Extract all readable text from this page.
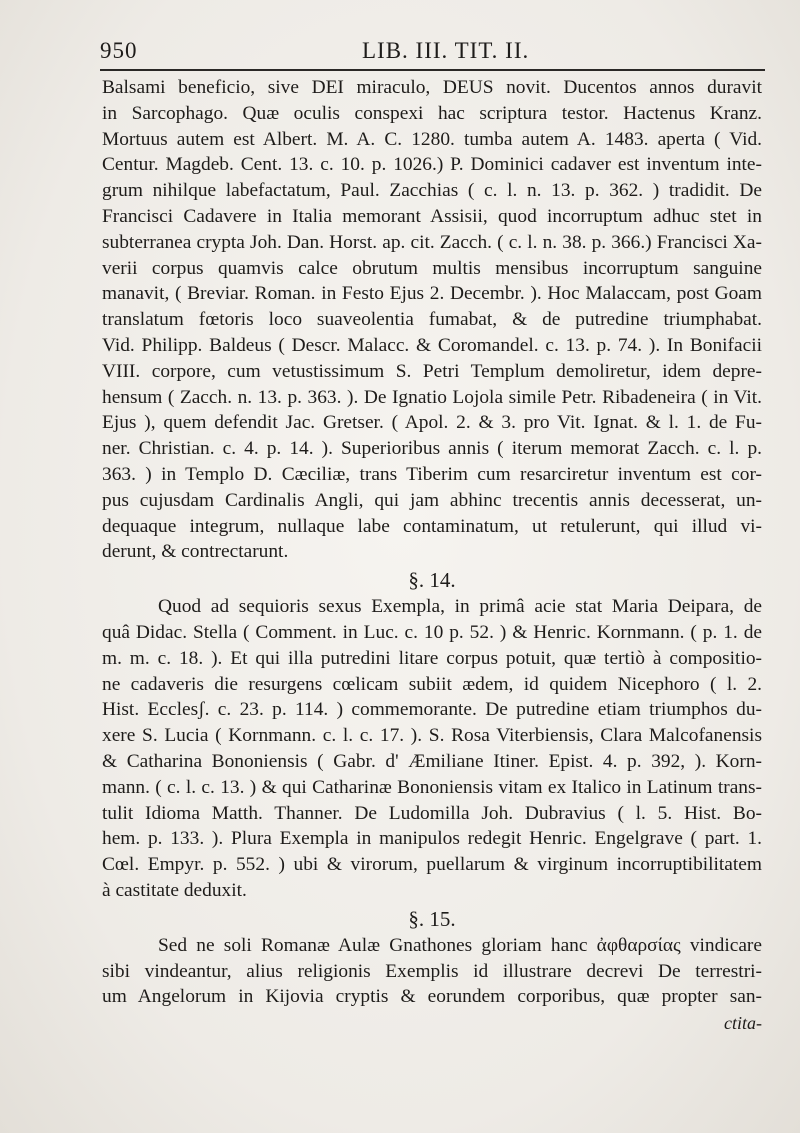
950	LIB. III. TIT. II.
Balsami beneficio, sive DEI miraculo, DEUS novit. Ducentos annos duravit
in Sarcophago. Quæ oculis conspexi hac scriptura testor. Hactenus Kranz.
Mortuus autem est Albert. M. A. C. 1280. tumba autem A. 1483. aperta ( Vid.
Centur. Magdeb. Cent. 13. c. 10. p. 1026.) P. Dominici cadaver est inventum inte-
grum nihilque labefactatum, Paul. Zacchias ( c. l. n. 13. p. 362. ) tradidit. De
Francisci Cadavere in Italia memorant Assisii, quod incorruptum adhuc stet in
subterranea crypta Joh. Dan. Horst. ap. cit. Zacch. ( c. l. n. 38. p. 366.) Francisci Xa-
verii corpus quamvis calce obrutum multis mensibus incorruptum sanguine
manavit, ( Breviar. Roman. in Festo Ejus 2. Decembr. ). Hoc Malaccam, post Goam
translatum fœtoris loco suaveolentia fumabat, & de putredine triumphabat.
Vid. Philipp. Baldeus ( Descr. Malacc. & Coromandel. c. 13. p. 74. ). In Bonifacii
VIII. corpore, cum vetustissimum S. Petri Templum demoliretur, idem depre-
hensum ( Zacch. n. 13. p. 363. ). De Ignatio Lojola simile Petr. Ribadeneira ( in Vit.
Ejus ), quem defendit Jac. Gretser. ( Apol. 2. & 3. pro Vit. Ignat. & l. 1. de Fu-
ner. Christian. c. 4. p. 14. ). Superioribus annis ( iterum memorat Zacch. c. l. p.
363. ) in Templo D. Cæciliæ, trans Tiberim cum resarciretur inventum est cor-
pus cujusdam Cardinalis Angli, qui jam abhinc trecentis annis decesserat, un-
dequaque integrum, nullaque labe contaminatum, ut retulerunt, qui illud vi-
derunt, & contrectarunt.
§. 14.
Quod ad sequioris sexus Exempla, in primâ acie stat Maria Deipara, de
quâ Didac. Stella ( Comment. in Luc. c. 10 p. 52. ) & Henric. Kornmann. ( p. 1. de
m. m. c. 18. ). Et qui illa putredini litare corpus potuit, quæ tertiò à compositio-
ne cadaveris die resurgens cœlicam subiit ædem, id quidem Nicephoro ( l. 2.
Hist. Ecclesʃ. c. 23. p. 114. ) commemorante. De putredine etiam triumphos du-
xere S. Lucia ( Kornmann. c. l. c. 17. ). S. Rosa Viterbiensis, Clara Malcofanensis
& Catharina Bononiensis ( Gabr. d' Æmiliane Itiner. Epist. 4. p. 392, ). Korn-
mann. ( c. l. c. 13. ) & qui Catharinæ Bononiensis vitam ex Italico in Latinum trans-
tulit Idioma Matth. Thanner. De Ludomilla Joh. Dubravius ( l. 5. Hist. Bo-
hem. p. 133. ). Plura Exempla in manipulos redegit Henric. Engelgrave ( part. 1.
Cœl. Empyr. p. 552. ) ubi & virorum, puellarum & virginum incorruptibilitatem
à castitate deduxit.
§. 15.
Sed ne soli Romanæ Aulæ Gnathones gloriam hanc ἀφθαρσίας vindicare
sibi vindeantur, alius religionis Exemplis id illustrare decrevi De terrestri-
um Angelorum in Kijovia cryptis & eorundem corporibus, quæ propter san-
ctita-
